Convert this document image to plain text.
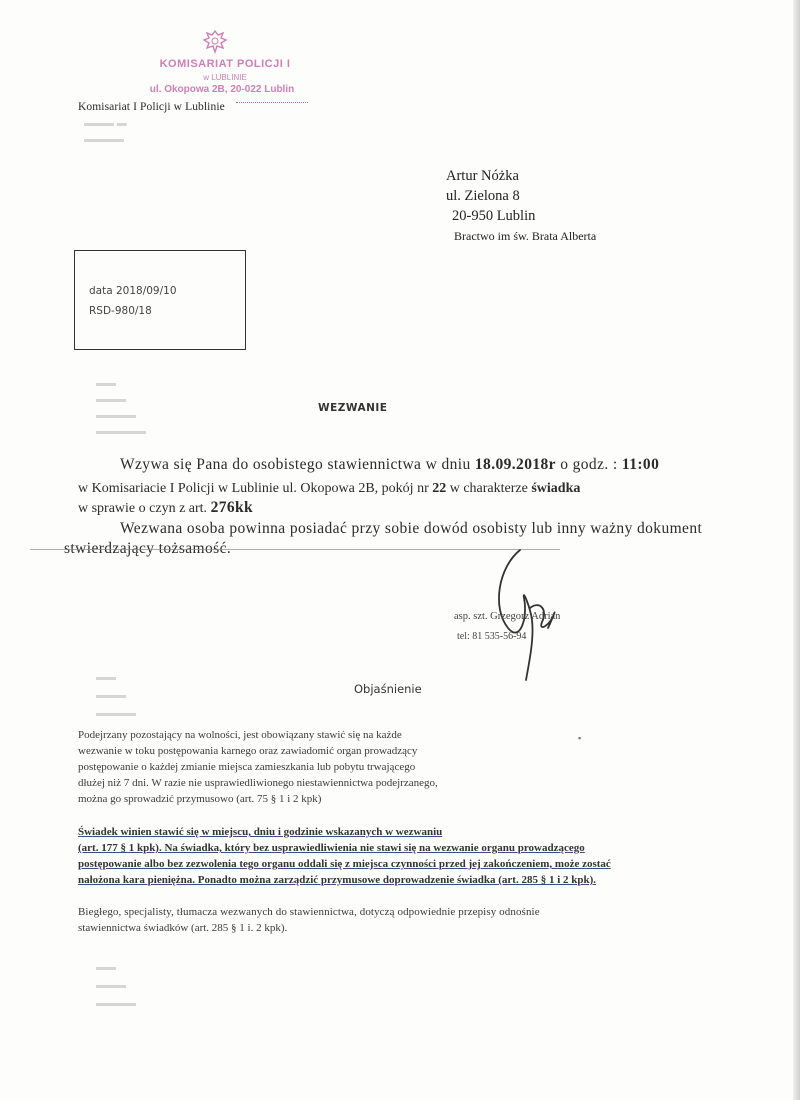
KOMISARIAT POLICJI I
w LUBLINIE
ul. Okopowa 2B, 20-022 Lublin
Komisariat I Policji w Lublinie
▬▬▬ ▬
▬▬▬▬
▬▬
▬▬▬
▬▬▬▬
▬▬▬▬▬
▬▬
▬▬▬
▬▬▬▬
▬▬
▬▬▬
▬▬▬▬
Artur Nóżka
ul. Zielona 8
20-950 Lublin
Bractwo im św. Brata Alberta
data 2018/09/10
RSD-980/18
WEZWANIE
Wzywa się Pana do osobistego stawiennictwa w dniu 18.09.2018r o godz. : 11:00
w Komisariacie I Policji w Lublinie ul. Okopowa 2B, pokój nr 22 w charakterze świadka
w sprawie o czyn z art. 276kk
Wezwana osoba powinna posiadać przy sobie dowód osobisty lub inny ważny dokument
stwierdzający tożsamość.
asp. szt. Grzegorz Adrian
tel: 81 535-56-94
Objaśnienie
Podejrzany pozostający na wolności, jest obowiązany stawić się na każde
wezwanie w toku postępowania karnego oraz zawiadomić organ prowadzący
postępowanie o każdej zmianie miejsca zamieszkania lub pobytu trwającego
dłużej niż 7 dni. W razie nie usprawiedliwionego niestawiennictwa podejrzanego,
można go sprowadzić przymusowo (art. 75 § 1 i 2 kpk)
▪
Świadek winien stawić się w miejscu, dniu i godzinie wskazanych w wezwaniu
(art. 177 § 1 kpk). Na świadka, który bez usprawiedliwienia nie stawi się na wezwanie organu prowadzącego
postępowanie albo bez zezwolenia tego organu oddali się z miejsca czynności przed jej zakończeniem, może zostać
nałożona kara pieniężna. Ponadto można zarządzić przymusowe doprowadzenie świadka (art. 285 § 1 i 2 kpk).
Biegłego, specjalisty, tłumacza wezwanych do stawiennictwa, dotyczą odpowiednie przepisy odnośnie
stawiennictwa świadków (art. 285 § 1 i. 2 kpk).
